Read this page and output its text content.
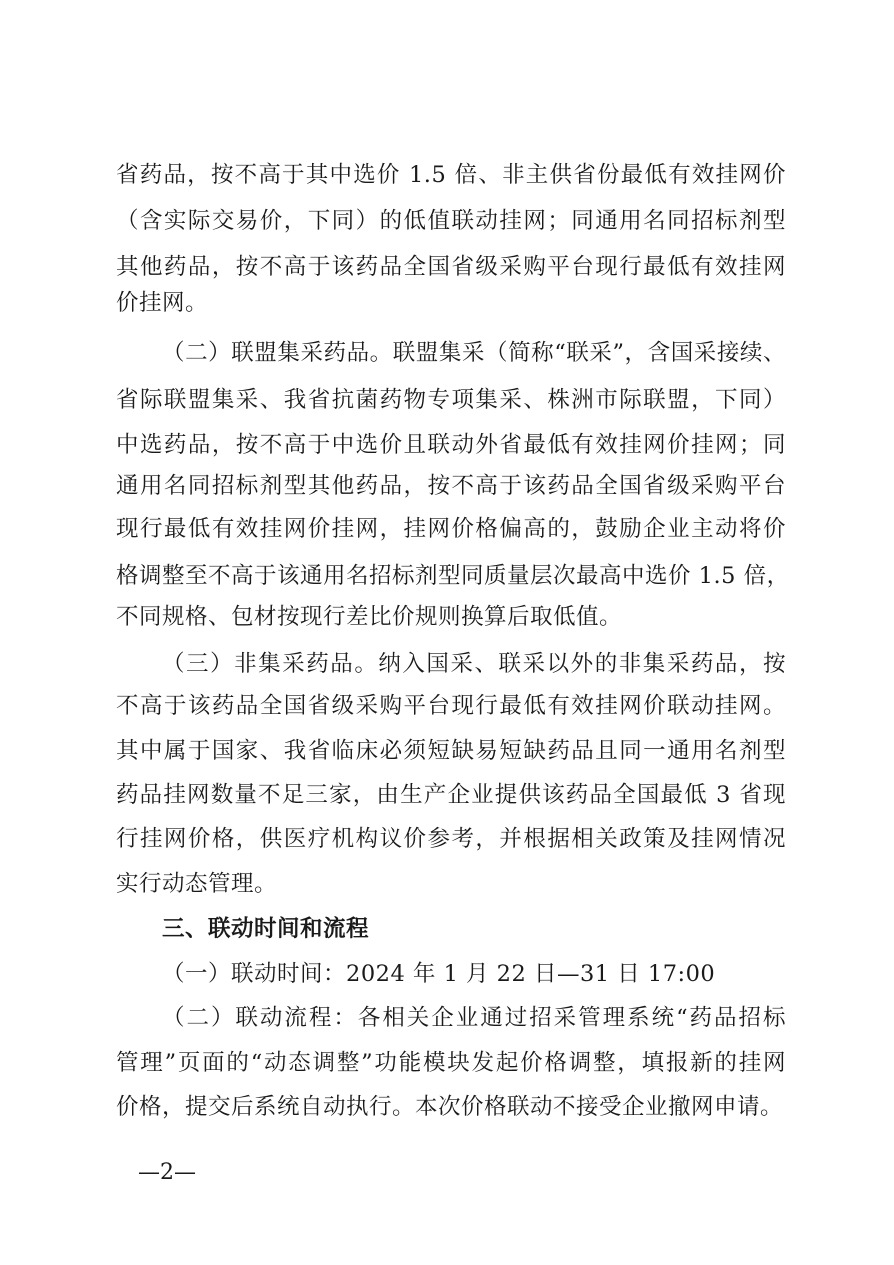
省药品，按不高于其中选价 1.5 倍、非主供省份最低有效挂网价
（含实际交易价，下同）的低值联动挂网；同通用名同招标剂型
其他药品，按不高于该药品全国省级采购平台现行最低有效挂网
价挂网。
（二）联盟集采药品。联盟集采（简称“联采”，含国采接续、
省际联盟集采、我省抗菌药物专项集采、株洲市际联盟，下同）
中选药品，按不高于中选价且联动外省最低有效挂网价挂网；同
通用名同招标剂型其他药品，按不高于该药品全国省级采购平台
现行最低有效挂网价挂网，挂网价格偏高的，鼓励企业主动将价
格调整至不高于该通用名招标剂型同质量层次最高中选价 1.5 倍，
不同规格、包材按现行差比价规则换算后取低值。
（三）非集采药品。纳入国采、联采以外的非集采药品，按
不高于该药品全国省级采购平台现行最低有效挂网价联动挂网。
其中属于国家、我省临床必须短缺易短缺药品且同一通用名剂型
药品挂网数量不足三家，由生产企业提供该药品全国最低 3 省现
行挂网价格，供医疗机构议价参考，并根据相关政策及挂网情况
实行动态管理。
三、联动时间和流程
（一）联动时间：2024 年 1 月 22 日—31 日 17:00
（二）联动流程：各相关企业通过招采管理系统“药品招标
管理”页面的“动态调整”功能模块发起价格调整，填报新的挂网
价格，提交后系统自动执行。本次价格联动不接受企业撤网申请。
—2—
